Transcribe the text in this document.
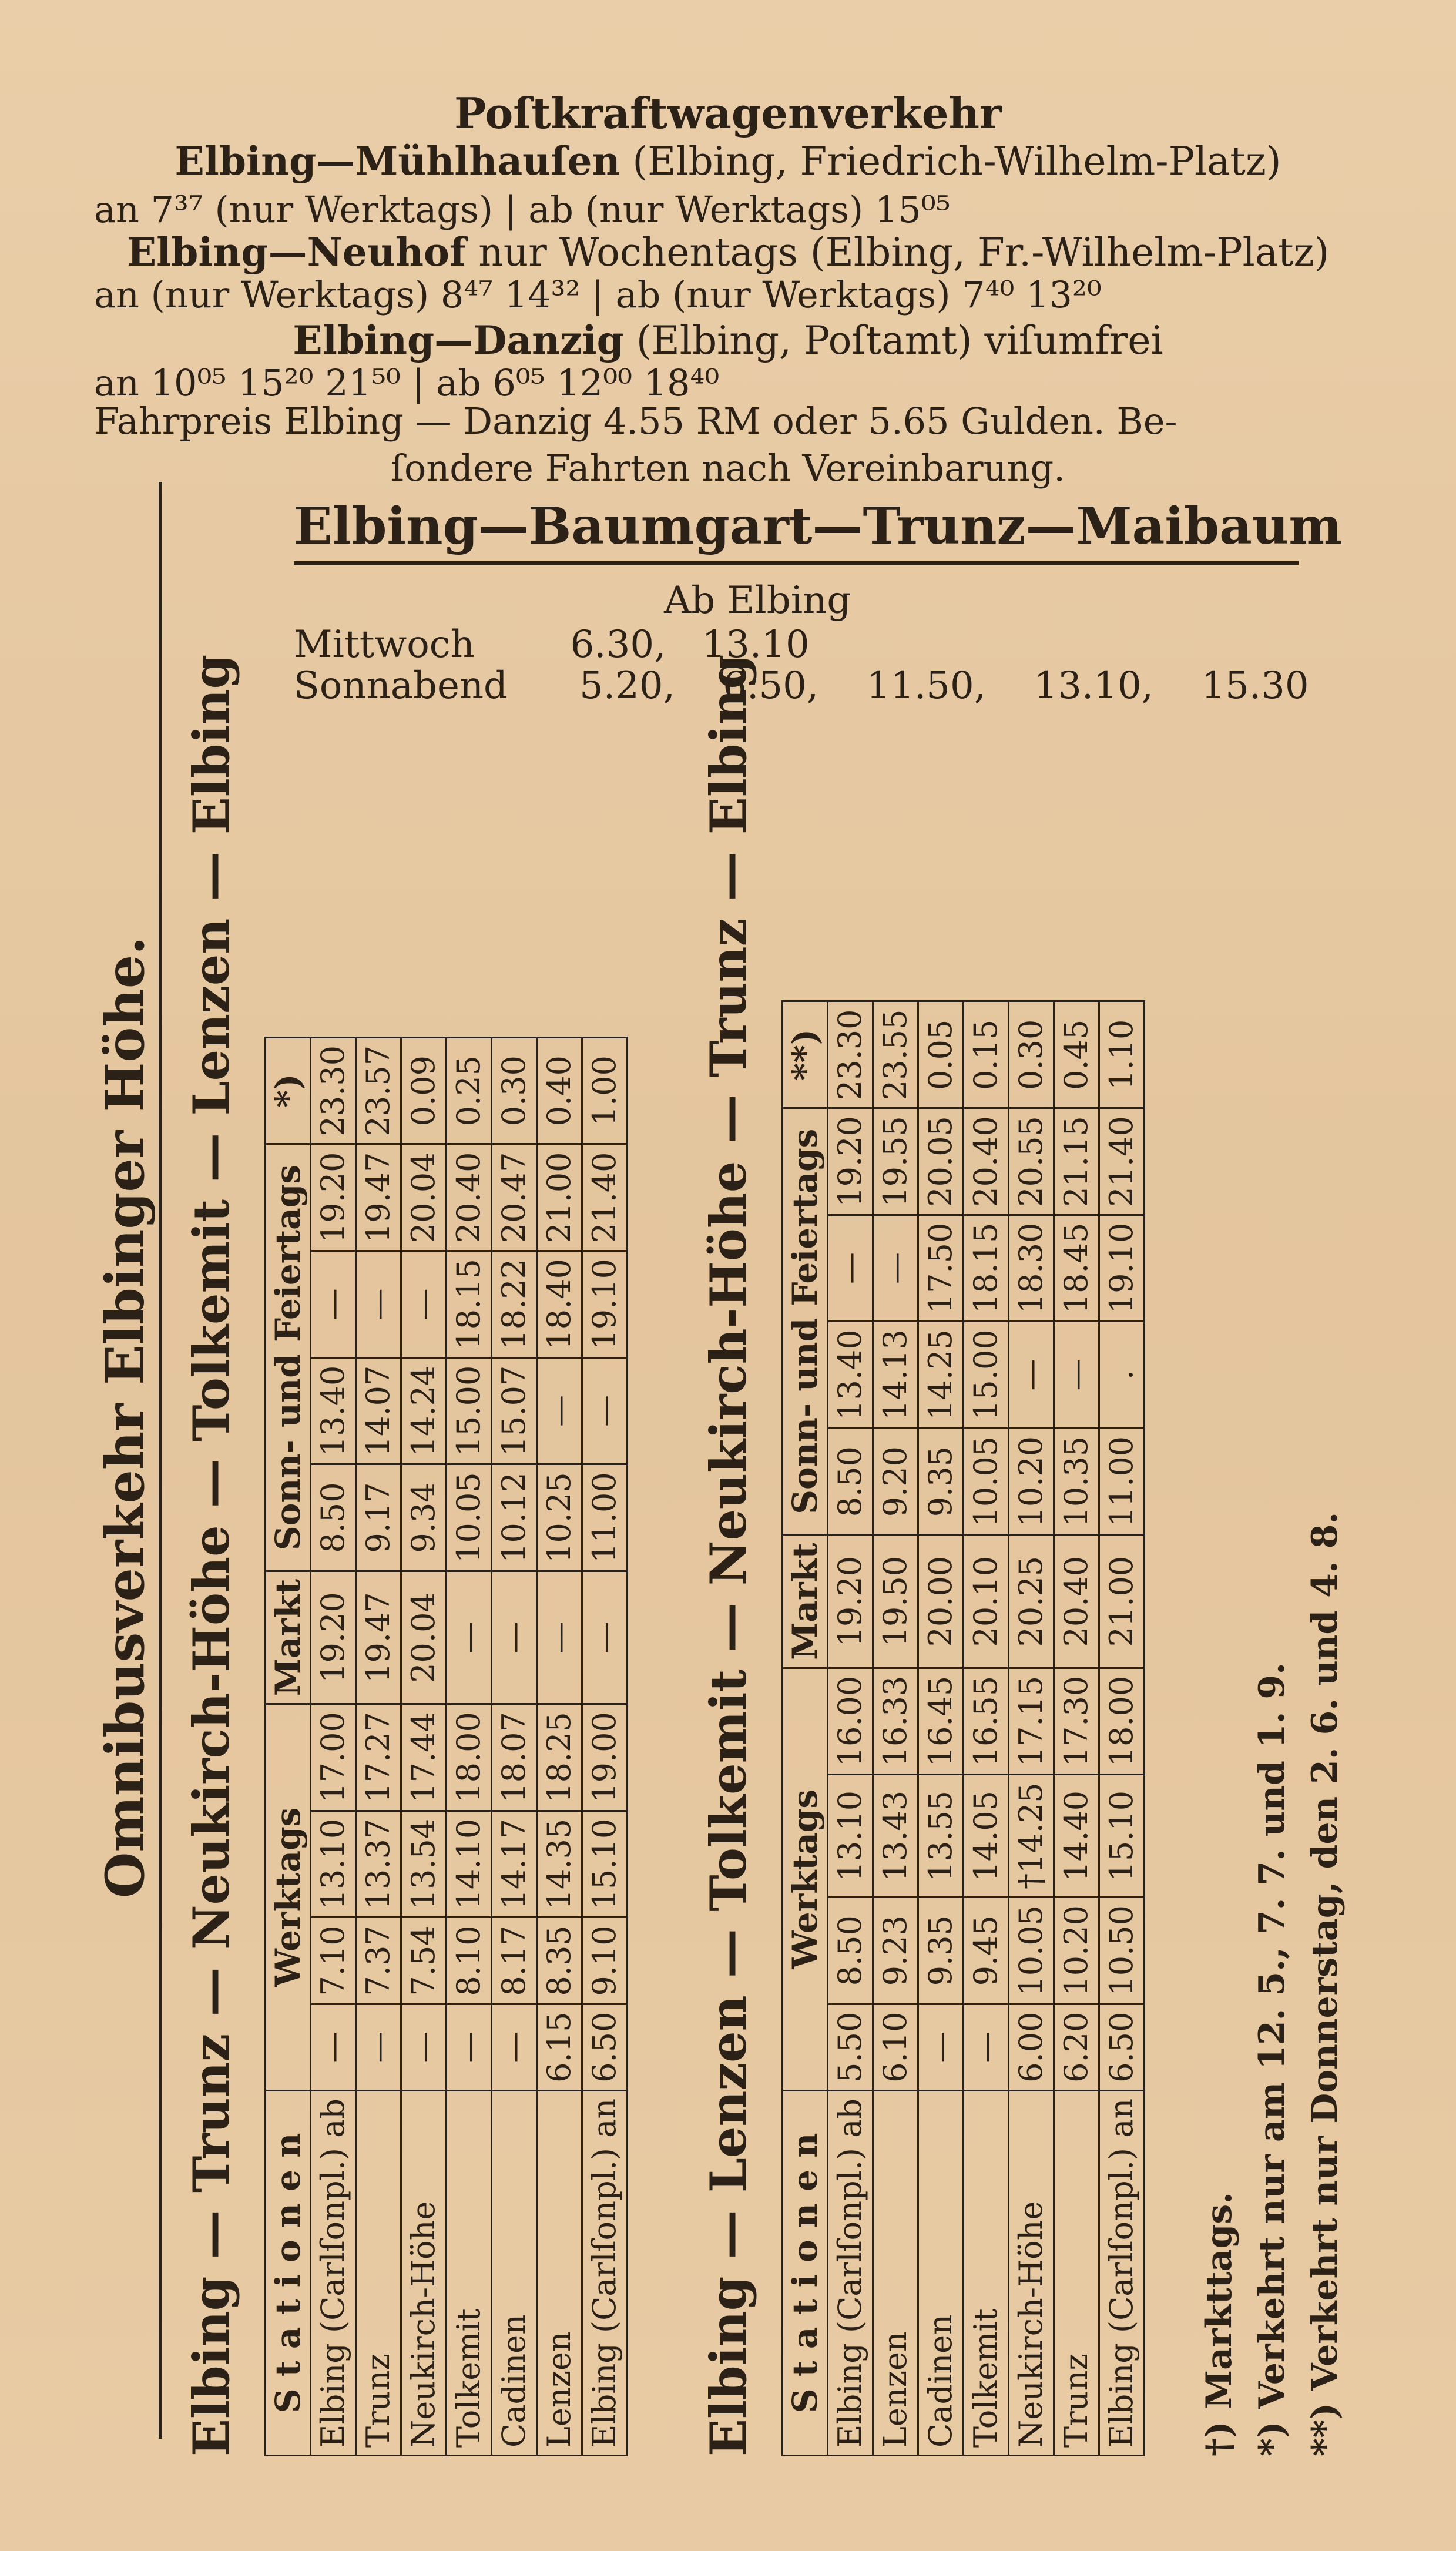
Poſtkraftwagenverkehr
Elbing—Mühlhauſen (Elbing, Friedrich-Wilhelm-Platz)
an 7³⁷ (nur Werktags) | ab (nur Werktags) 15⁰⁵
Elbing—Neuhof nur Wochentags (Elbing, Fr.-Wilhelm-Platz)
an (nur Werktags) 8⁴⁷ 14³² | ab (nur Werktags) 7⁴⁰ 13²⁰
Elbing—Danzig (Elbing, Poſtamt) viſumfrei
an 10⁰⁵ 15²⁰ 21⁵⁰ | ab 6⁰⁵ 12⁰⁰ 18⁴⁰
Fahrpreis Elbing — Danzig 4.55 RM oder 5.65 Gulden. Be-
ſondere Fahrten nach Vereinbarung.
Elbing—Baumgart—Trunz—Maibaum
Ab Elbing
Mittwoch	6.30,   13.10
Sonnabend 5.20,    6.50,    11.50,    13.10,    15.30
Omnibusverkehr Elbinger Höhe. Elbing — Trunz — Neukirch-Höhe — Tolkemit — Lenzen — Elbing S t a t i o n e n	Werktags				Markt	Sonn- und Feiertags				*)
Elbing (Carlſonpl.) ab	—	7.10	13.10	17.00	19.20	8.50	13.40	—	19.20	23.30
Trunz	—	7.37	13.37	17.27	19.47	9.17	14.07	—	19.47	23.57
Neukirch-Höhe	—	7.54	13.54	17.44	20.04	9.34	14.24	—	20.04	0.09
Tolkemit	—	8.10	14.10	18.00	—	10.05	15.00	18.15	20.40	0.25
Cadinen	—	8.17	14.17	18.07	—	10.12	15.07	18.22	20.47	0.30
Lenzen	6.15	8.35	14.35	18.25	—	10.25	—	18.40	21.00	0.40
Elbing (Carlſonpl.) an	6.50	9.10	15.10	19.00	—	11.00	—	19.10	21.40	1.00 Elbing — Lenzen — Tolkemit — Neukirch-Höhe — Trunz — Elbing S t a t i o n e n	Werktags				Markt	Sonn- und Feiertags				**)
Elbing (Carlſonpl.) ab	5.50	8.50	13.10	16.00	19.20	8.50	13.40	—	19.20	23.30
Lenzen	6.10	9.23	13.43	16.33	19.50	9.20	14.13	—	19.55	23.55
Cadinen	—	9.35	13.55	16.45	20.00	9.35	14.25	17.50	20.05	0.05
Tolkemit	—	9.45	14.05	16.55	20.10	10.05	15.00	18.15	20.40	0.15
Neukirch-Höhe	6.00	10.05	†14.25	17.15	20.25	10.20	—	18.30	20.55	0.30
Trunz	6.20	10.20	14.40	17.30	20.40	10.35	—	18.45	21.15	0.45
Elbing (Carlſonpl.) an	6.50	10.50	15.10	18.00	21.00	11.00	.	19.10	21.40	1.10
†) Markttags. *) Verkehrt nur am 12. 5., 7. 7. und 1. 9. **) Verkehrt nur Donnerstag, den 2. 6. und 4. 8.
